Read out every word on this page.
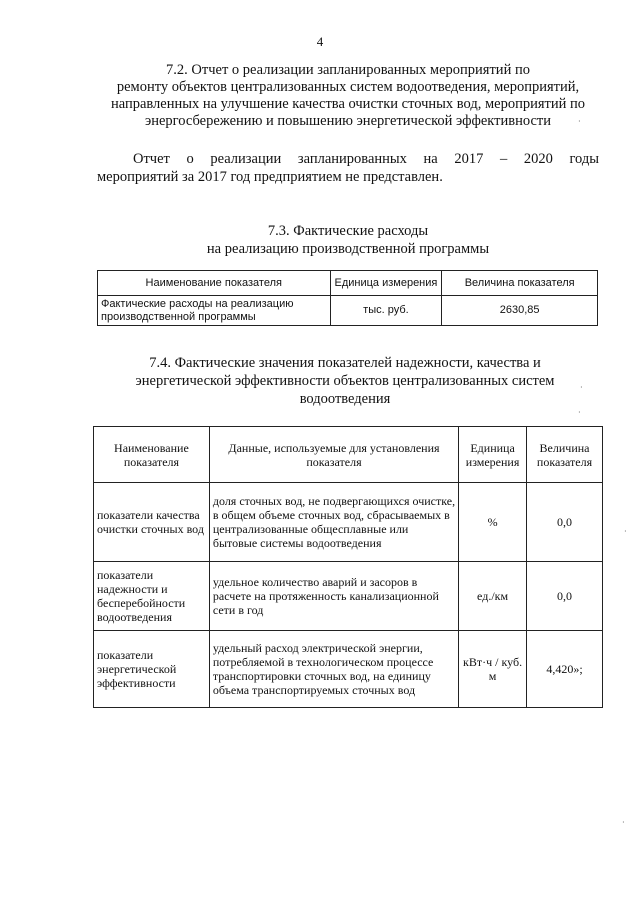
4
7.2. Отчет о реализации запланированных мероприятий по
ремонту объектов централизованных систем водоотведения, мероприятий,
направленных на улучшение качества очистки сточных вод, мероприятий по
энергосбережению и повышению энергетической эффективности
Отчет о реализации запланированных на 2017 – 2020 годы
мероприятий за 2017 год предприятием не представлен.
7.3. Фактические расходы
на реализацию производственной программы
Наименование показателя	Единица измерения	Величина показателя
Фактические расходы на реализацию производственной программы	тыс. руб.	2630,85
7.4. Фактические значения показателей надежности, качества и
энергетической эффективности объектов централизованных систем
водоотведения
Наименование показателя	Данные, используемые для установления показателя	Единица измерения	Величина показателя
показатели качества очистки сточных вод	доля сточных вод, не подвергающихся очистке, в общем объеме сточных вод, сбрасываемых в централизованные общесплавные или бытовые системы водоотведения	%	0,0
показатели надежности и бесперебойности водоотведения	удельное количество аварий и засоров в расчете на протяженность канализационной сети в год	ед./км	0,0
показатели энергетической эффективности	удельный расход электрической энергии, потребляемой в технологическом процессе транспортировки сточных вод, на единицу объема транспортируемых сточных вод	кВт·ч / куб. м	4,420»;
·
·
·
·
·
